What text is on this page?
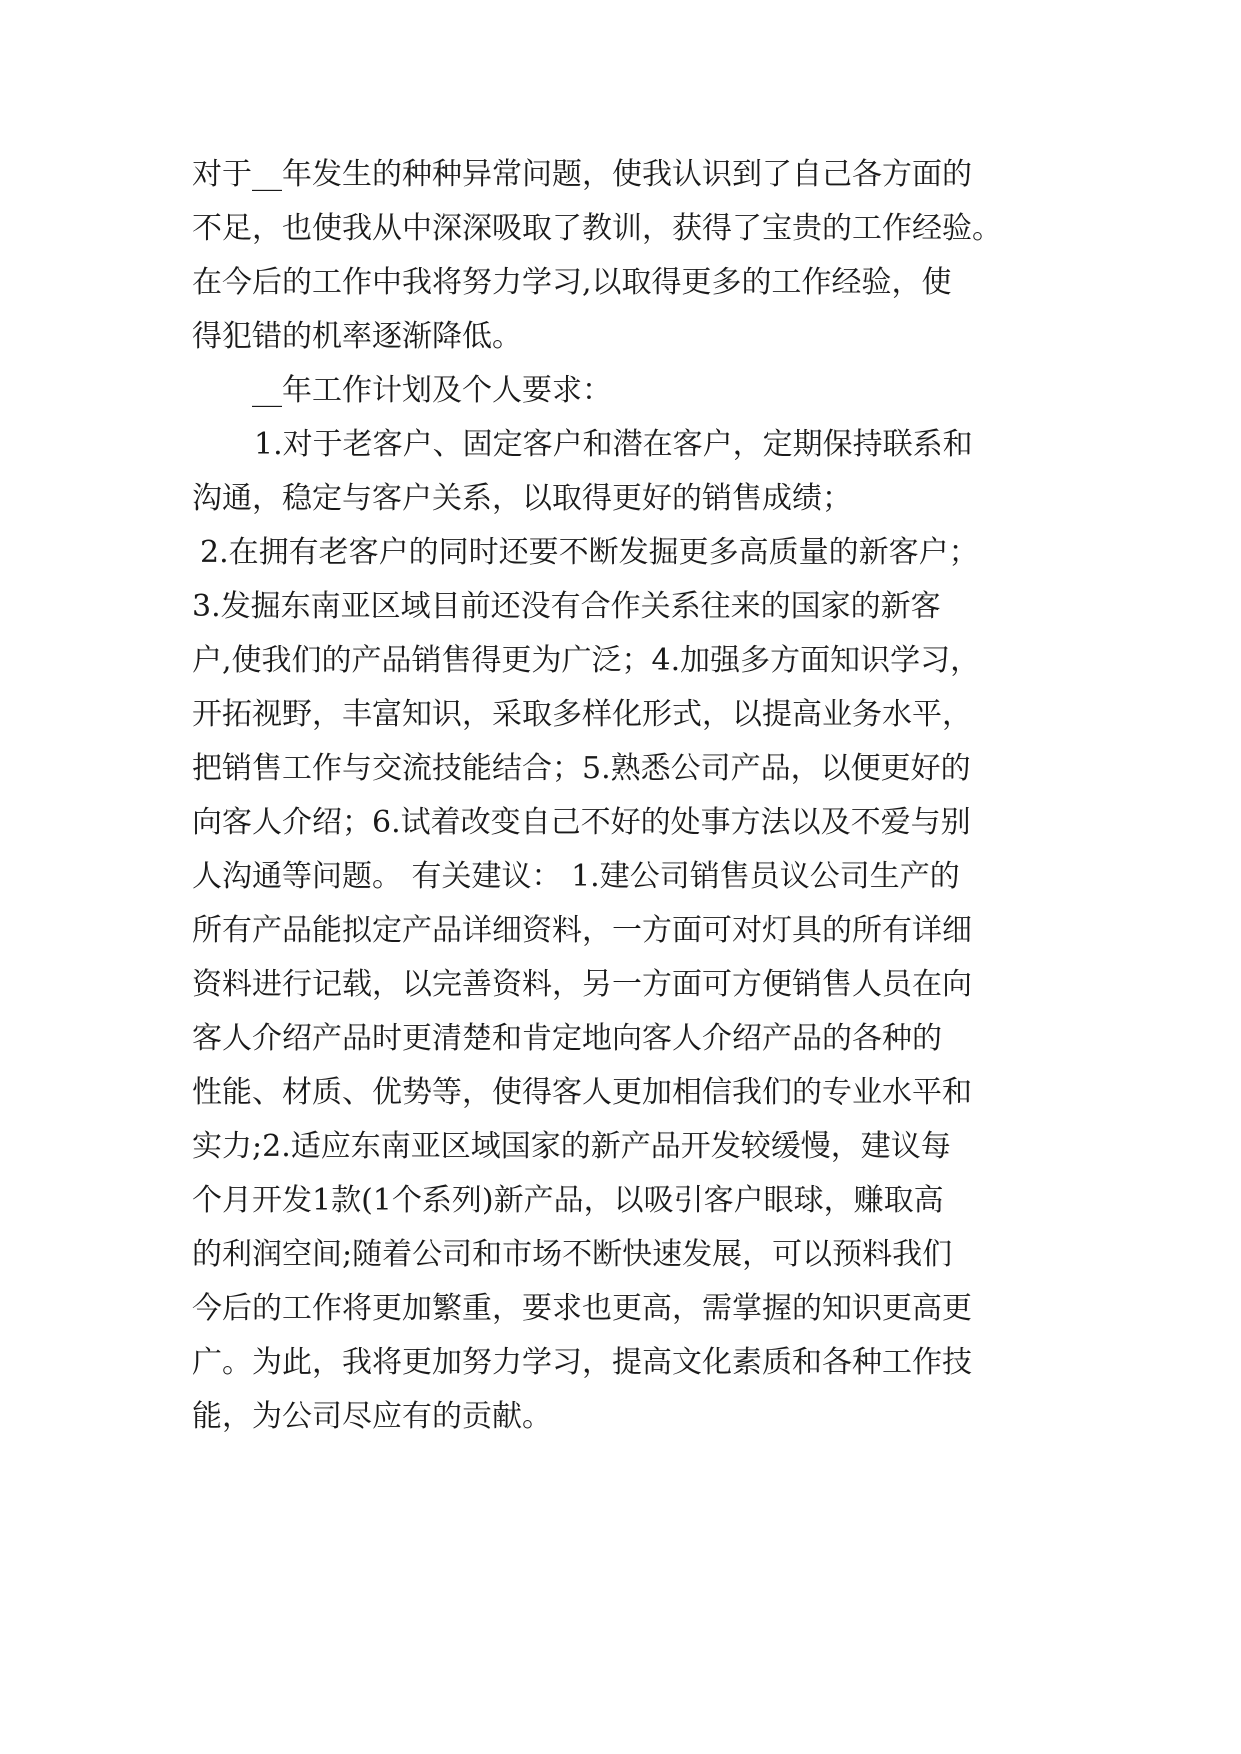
对于__年发生的种种异常问题，使我认识到了自己各方面的
不足，也使我从中深深吸取了教训，获得了宝贵的工作经验。
在今后的工作中我将努力学习,以取得更多的工作经验，使
得犯错的机率逐渐降低。
__年工作计划及个人要求：
1.对于老客户、固定客户和潜在客户，定期保持联系和
沟通，稳定与客户关系，以取得更好的销售成绩；
2.在拥有老客户的同时还要不断发掘更多高质量的新客户；
3.发掘东南亚区域目前还没有合作关系往来的国家的新客
户,使我们的产品销售得更为广泛；4.加强多方面知识学习，
开拓视野，丰富知识，采取多样化形式，以提高业务水平，
把销售工作与交流技能结合；5.熟悉公司产品，以便更好的
向客人介绍；6.试着改变自己不好的处事方法以及不爱与别
人沟通等问题。 有关建议： 1.建公司销售员议公司生产的
所有产品能拟定产品详细资料，一方面可对灯具的所有详细
资料进行记载，以完善资料，另一方面可方便销售人员在向
客人介绍产品时更清楚和肯定地向客人介绍产品的各种的
性能、材质、优势等，使得客人更加相信我们的专业水平和
实力;2.适应东南亚区域国家的新产品开发较缓慢，建议每
个月开发1款(1个系列)新产品，以吸引客户眼球，赚取高
的利润空间;随着公司和市场不断快速发展，可以预料我们
今后的工作将更加繁重，要求也更高，需掌握的知识更高更
广。为此，我将更加努力学习，提高文化素质和各种工作技
能，为公司尽应有的贡献。
